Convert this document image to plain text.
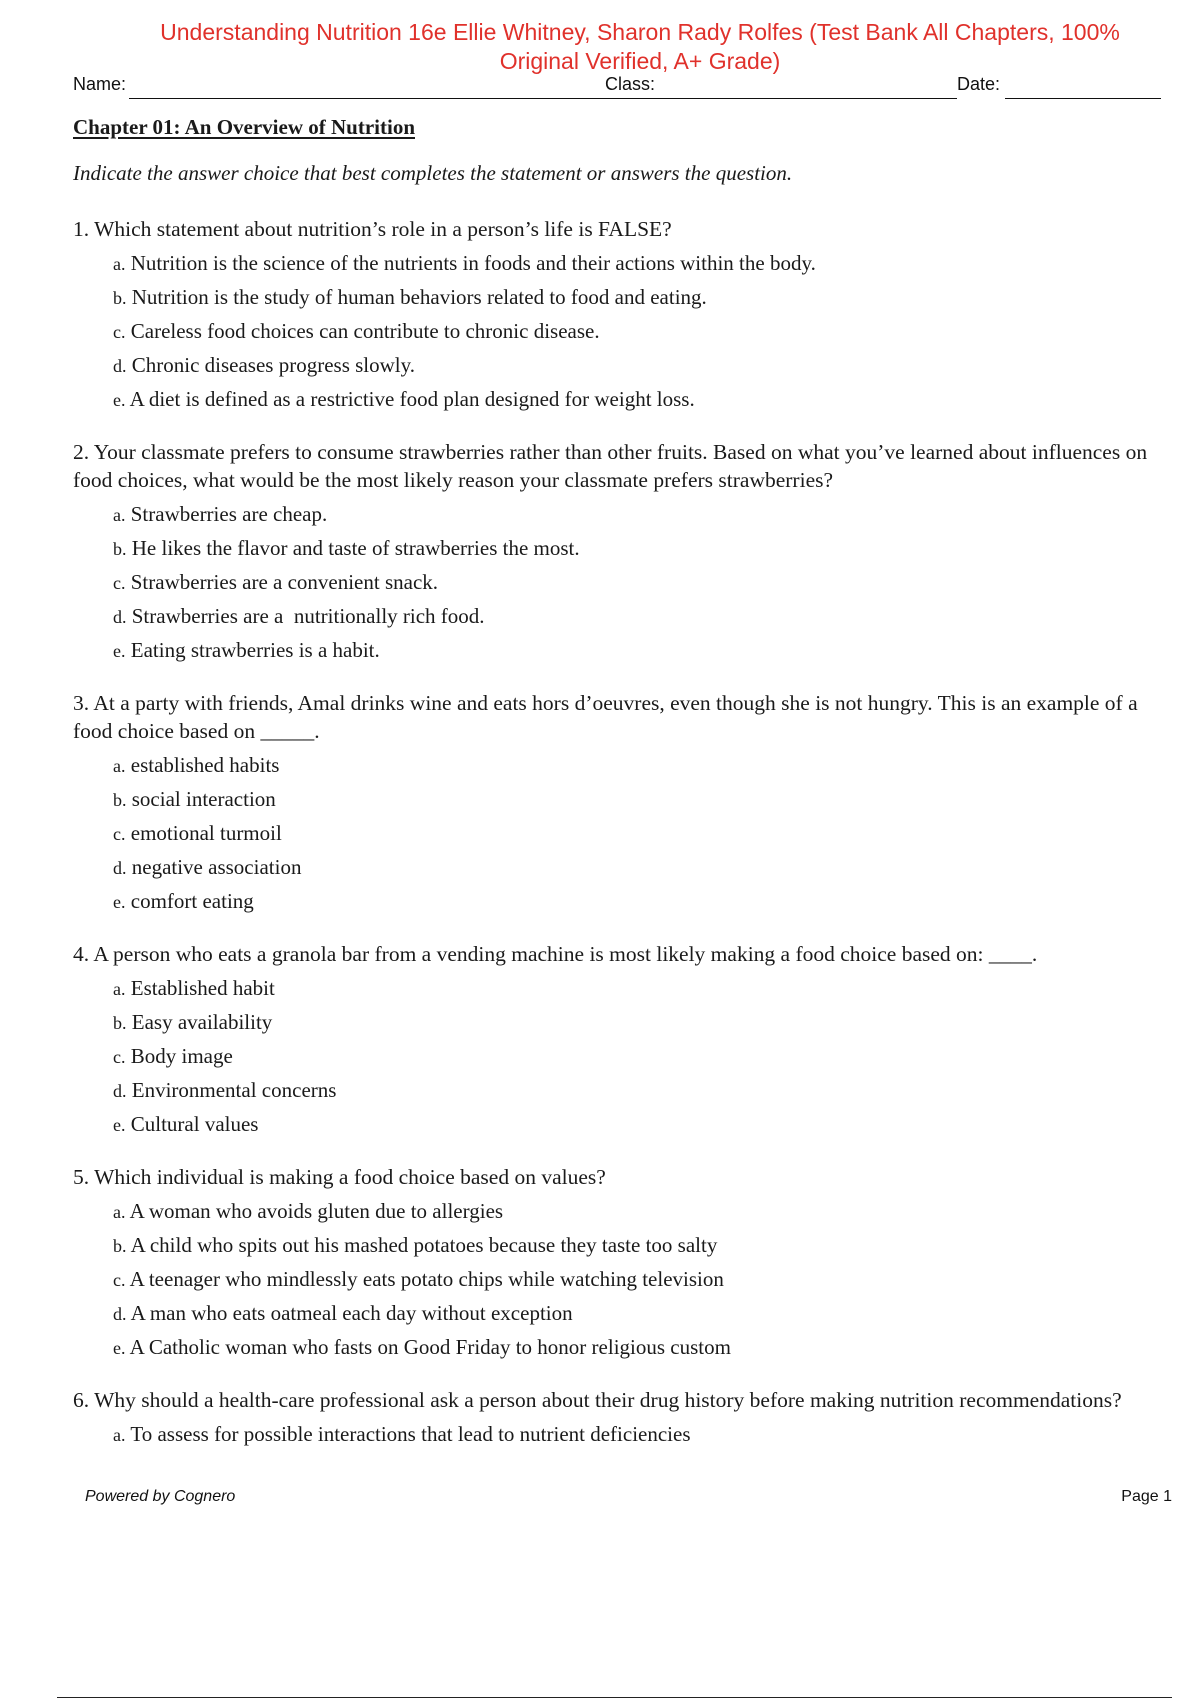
Understanding Nutrition 16e Ellie Whitney, Sharon Rady Rolfes (Test Bank All Chapters, 100%
Original Verified, A+ Grade)
Name:	Class:	Date:
Chapter 01: An Overview of Nutrition
Indicate the answer choice that best completes the statement or answers the question.
1. Which statement about nutrition’s role in a person’s life is FALSE?
a. Nutrition is the science of the nutrients in foods and their actions within the body.
b. Nutrition is the study of human behaviors related to food and eating.
c. Careless food choices can contribute to chronic disease.
d. Chronic diseases progress slowly.
e. A diet is defined as a restrictive food plan designed for weight loss.
2. Your classmate prefers to consume strawberries rather than other fruits. Based on what you’ve learned about influences on food choices, what would be the most likely reason your classmate prefers strawberries?
a. Strawberries are cheap.
b. He likes the flavor and taste of strawberries the most.
c. Strawberries are a convenient snack.
d. Strawberries are a  nutritionally rich food.
e. Eating strawberries is a habit.
3. At a party with friends, Amal drinks wine and eats hors d’oeuvres, even though she is not hungry. This is an example of a food choice based on _____.
a. established habits
b. social interaction
c. emotional turmoil
d. negative association
e. comfort eating
4. A person who eats a granola bar from a vending machine is most likely making a food choice based on: ____.
a. Established habit
b. Easy availability
c. Body image
d. Environmental concerns
e. Cultural values
5. Which individual is making a food choice based on values?
a. A woman who avoids gluten due to allergies
b. A child who spits out his mashed potatoes because they taste too salty
c. A teenager who mindlessly eats potato chips while watching television
d. A man who eats oatmeal each day without exception
e. A Catholic woman who fasts on Good Friday to honor religious custom
6. Why should a health-care professional ask a person about their drug history before making nutrition recommendations?
a. To assess for possible interactions that lead to nutrient deficiencies
Powered by Cognero	Page 1
